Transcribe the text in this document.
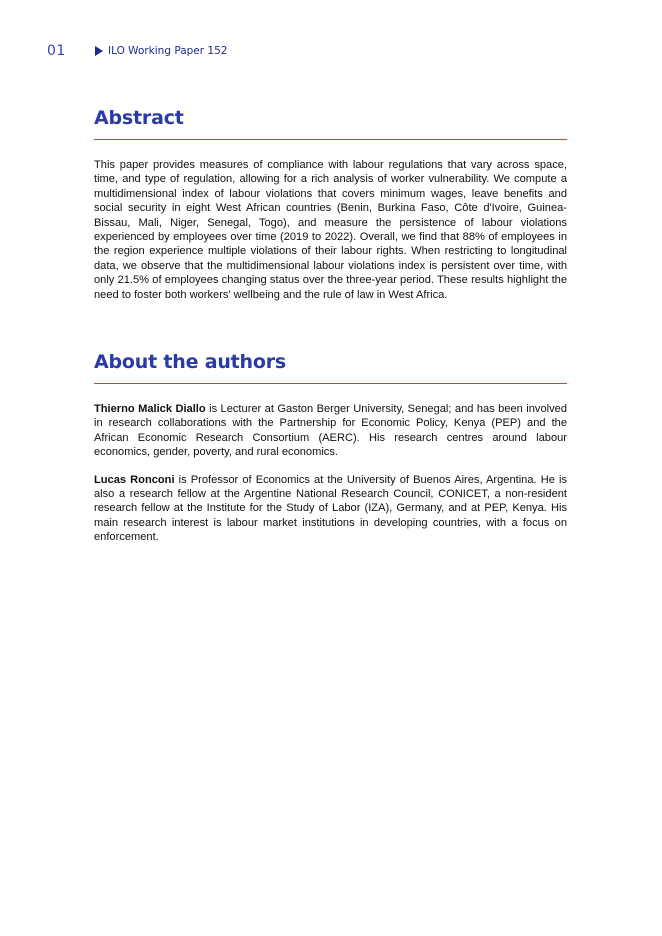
01	ILO Working Paper 152
Abstract

This paper provides measures of compliance with labour regulations that vary across space, time, and type of regulation, allowing for a rich analysis of worker vulnerability. We compute a multidimensional index of labour violations that covers minimum wages, leave benefits and social security in eight West African countries (Benin, Burkina Faso, Côte d'Ivoire, Guinea-Bissau, Mali, Niger, Senegal, Togo), and measure the persistence of labour violations experienced by employees over time (2019 to 2022). Overall, we find that 88% of employees in the region experience multiple violations of their labour rights. When restricting to longitudinal data, we observe that the multidimensional labour violations index is persistent over time, with only 21.5% of employees changing status over the three-year period. These results highlight the need to foster both workers' wellbeing and the rule of law in West Africa.

About the authors

Thierno Malick Diallo is Lecturer at Gaston Berger University, Senegal; and has been involved in research collaborations with the Partnership for Economic Policy, Kenya (PEP) and the African Economic Research Consortium (AERC). His research centres around labour economics, gender, poverty, and rural economics.

Lucas Ronconi is Professor of Economics at the University of Buenos Aires, Argentina. He is also a research fellow at the Argentine National Research Council, CONICET, a non-resident research fellow at the Institute for the Study of Labor (IZA), Germany, and at PEP, Kenya. His main research interest is labour market institutions in developing countries, with a focus on enforcement.
